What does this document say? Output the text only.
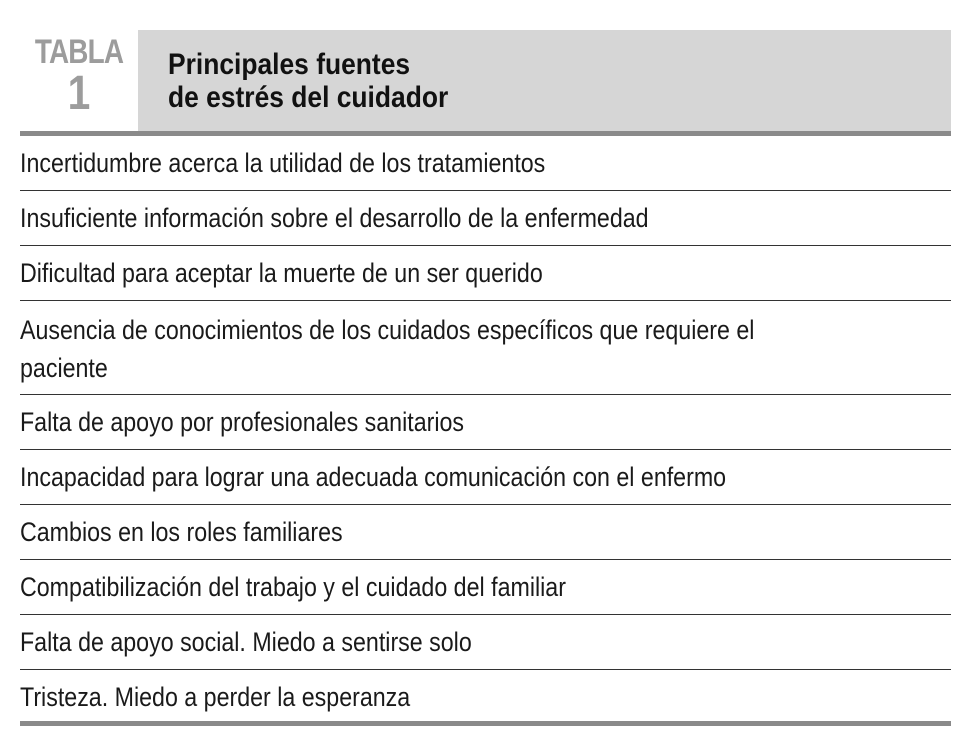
TABLA
1
Principales fuentes
de estrés del cuidador
Incertidumbre acerca la utilidad de los tratamientos
Insuficiente información sobre el desarrollo de la enfermedad
Dificultad para aceptar la muerte de un ser querido
Ausencia de conocimientos de los cuidados específicos que requiere el paciente
Falta de apoyo por profesionales sanitarios
Incapacidad para lograr una adecuada comunicación con el enfermo
Cambios en los roles familiares
Compatibilización del trabajo y el cuidado del familiar
Falta de apoyo social. Miedo a sentirse solo
Tristeza. Miedo a perder la esperanza
